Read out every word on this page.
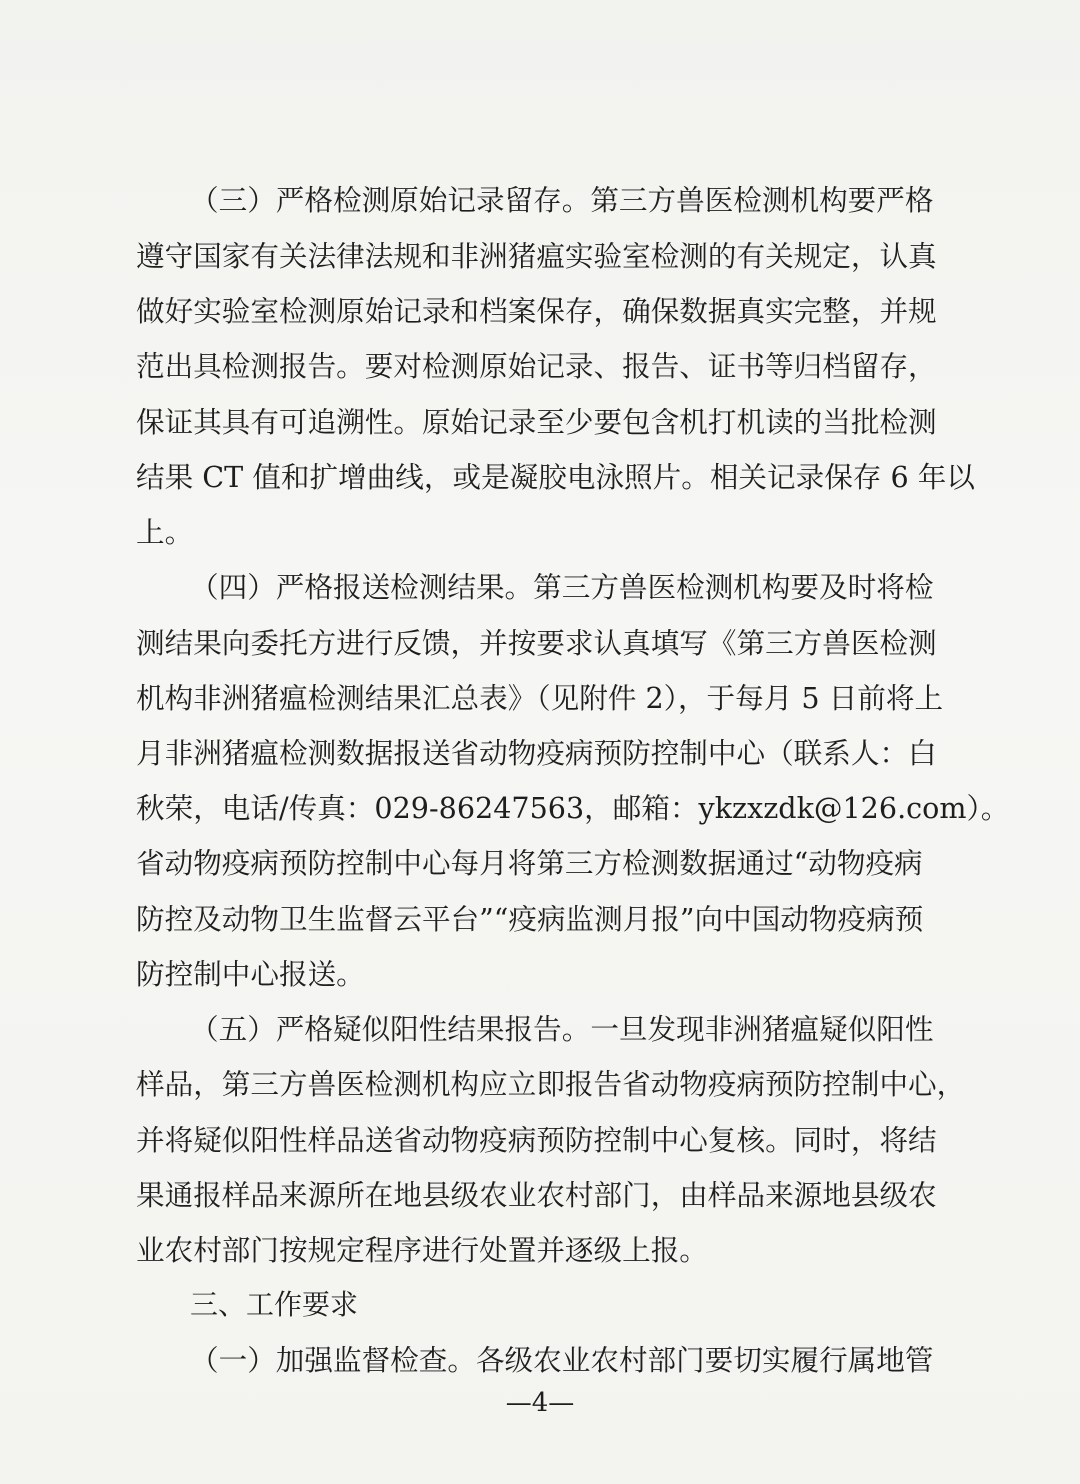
（三）严格检测原始记录留存。第三方兽医检测机构要严格
遵守国家有关法律法规和非洲猪瘟实验室检测的有关规定，认真
做好实验室检测原始记录和档案保存，确保数据真实完整，并规
范出具检测报告。要对检测原始记录、报告、证书等归档留存，
保证其具有可追溯性。原始记录至少要包含机打机读的当批检测
结果 CT 值和扩增曲线，或是凝胶电泳照片。相关记录保存 6 年以
上。
（四）严格报送检测结果。第三方兽医检测机构要及时将检
测结果向委托方进行反馈，并按要求认真填写《第三方兽医检测
机构非洲猪瘟检测结果汇总表》（见附件 2），于每月 5 日前将上
月非洲猪瘟检测数据报送省动物疫病预防控制中心（联系人：白
秋荣，电话/传真：029-86247563，邮箱：ykzxzdk@126.com）。
省动物疫病预防控制中心每月将第三方检测数据通过“动物疫病
防控及动物卫生监督云平台”“疫病监测月报”向中国动物疫病预
防控制中心报送。
（五）严格疑似阳性结果报告。一旦发现非洲猪瘟疑似阳性
样品，第三方兽医检测机构应立即报告省动物疫病预防控制中心，
并将疑似阳性样品送省动物疫病预防控制中心复核。同时，将结
果通报样品来源所在地县级农业农村部门，由样品来源地县级农
业农村部门按规定程序进行处置并逐级上报。
三、工作要求
（一）加强监督检查。各级农业农村部门要切实履行属地管
—4—
